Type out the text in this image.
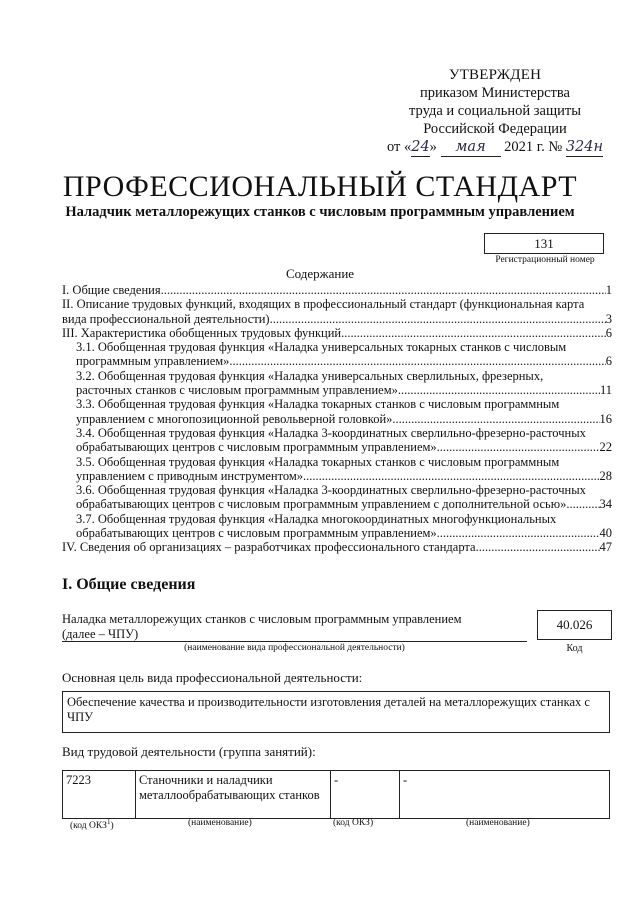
УТВЕРЖДЕН
приказом Министерства
труда и социальной защиты
Российской Федерации
от «24» мая 2021 г. № 324н
ПРОФЕССИОНАЛЬНЫЙ СТАНДАРТ
Наладчик металлорежущих станков с числовым программным управлением
131
Регистрационный номер
Содержание
I. Общие сведения .....	1
II. Описание трудовых функций, входящих в профессиональный стандарт (функциональная карта
вида профессиональной деятельности) .....	3
III. Характеристика обобщенных трудовых функций .....	6
3.1. Обобщенная трудовая функция «Наладка универсальных токарных станков с числовым
программным управлением» .....	6
3.2. Обобщенная трудовая функция «Наладка универсальных сверлильных, фрезерных,
расточных станков с числовым программным управлением» .....	11
3.3. Обобщенная трудовая функция «Наладка токарных станков с числовым программным
управлением с многопозиционной револьверной головкой» .....	16
3.4. Обобщенная трудовая функция «Наладка 3-координатных сверлильно-фрезерно-расточных
обрабатывающих центров с числовым программным управлением» .....	22
3.5. Обобщенная трудовая функция «Наладка токарных станков с числовым программным
управлением с приводным инструментом» .....	28
3.6. Обобщенная трудовая функция «Наладка 3-координатных сверлильно-фрезерно-расточных
обрабатывающих центров с числовым программным управлением с дополнительной осью» .....	34
3.7. Обобщенная трудовая функция «Наладка многокоординатных многофункциональных
обрабатывающих центров с числовым программным управлением» .....	40
IV. Сведения об организациях – разработчиках профессионального стандарта .....	47
I. Общие сведения
Наладка металлорежущих станков с числовым программным управлением
(далее – ЧПУ)
(наименование вида профессиональной деятельности)
40.026
Код
Основная цель вида профессиональной деятельности:
Обеспечение качества и производительности изготовления деталей на металлорежущих станках с ЧПУ
Вид трудовой деятельности (группа занятий):
7223	Станочники и наладчики металлообрабатывающих станков	-	-
(код ОКЗ$^1$)	(наименование)	(код ОКЗ)	(наименование)
